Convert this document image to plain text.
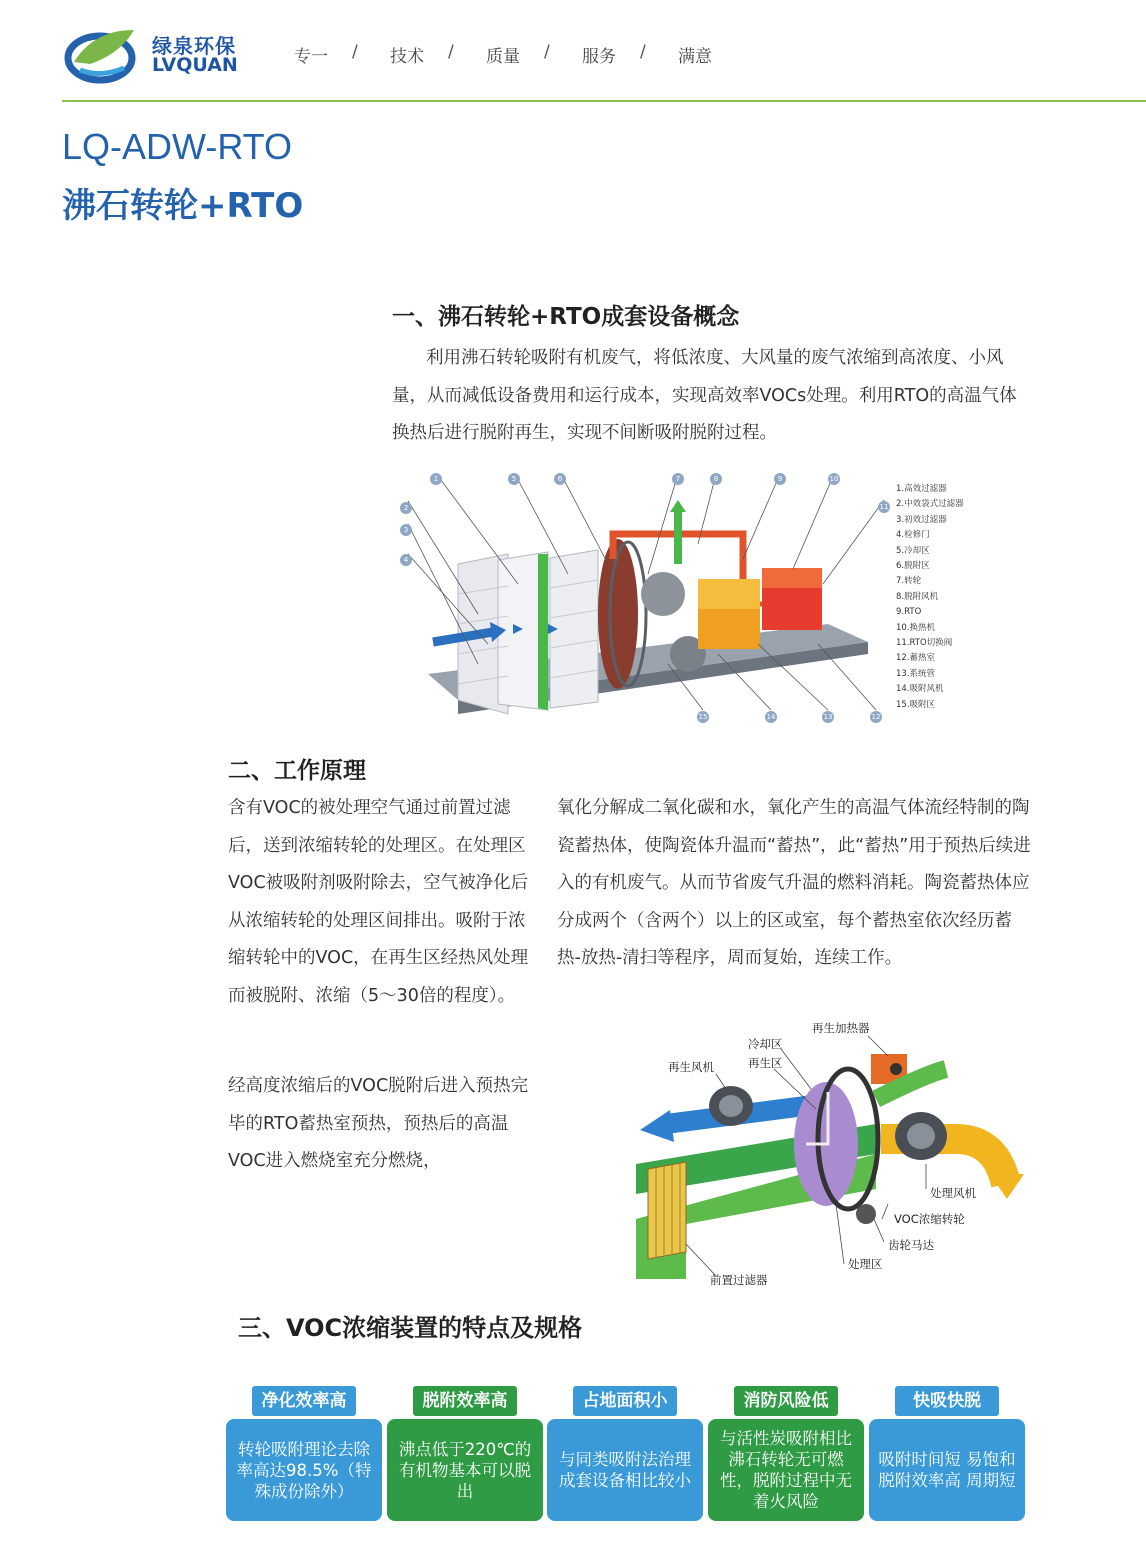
绿泉环保
LVQUAN	专一	/	技术	/	质量	/	服务	/	满意
LQ-ADW-RTO
沸石转轮+RTO
一、沸石转轮+RTO成套设备概念
利用沸石转轮吸附有机废气，将低浓度、大风量的废气浓缩到高浓度、小风量，从而减低设备费用和运行成本，实现高效率VOCs处理。利用RTO的高温气体换热后进行脱附再生，实现不间断吸附脱附过程。
1
2
3
4
5	6	7	8	9	10
11
12
13
14
15
1.高效过滤器
2.中效袋式过滤器
3.初效过滤器
4.检修门
5.冷却区
6.脱附区
7.转轮
8.脱附风机
9.RTO
10.换热机
11.RTO切换阀
12.蓄热室
13.系统管
14.吸附风机
15.吸附区
二、工作原理
含有VOC的被处理空气通过前置过滤后，送到浓缩转轮的处理区。在处理区VOC被吸附剂吸附除去，空气被净化后从浓缩转轮的处理区间排出。吸附于浓缩转轮中的VOC，在再生区经热风处理而被脱附、浓缩（5～30倍的程度）。
经高度浓缩后的VOC脱附后进入预热完毕的RTO蓄热室预热，预热后的高温VOC进入燃烧室充分燃烧，
氧化分解成二氧化碳和水，氧化产生的高温气体流经特制的陶瓷蓄热体，使陶瓷体升温而“蓄热”，此“蓄热”用于预热后续进入的有机废气。从而节省废气升温的燃料消耗。陶瓷蓄热体应分成两个（含两个）以上的区或室，每个蓄热室依次经历蓄热-放热-清扫等程序，周而复始，连续工作。
再生加热器
冷却区
再生区
再生风机
处理风机
VOC浓缩转轮
齿轮马达
处理区
前置过滤器
三、VOC浓缩装置的特点及规格
净化效率高
转轮吸附理论去除率高达98.5%（特殊成份除外）
脱附效率高
沸点低于220℃的有机物基本可以脱出
占地面积小
与同类吸附法治理成套设备相比较小
消防风险低
与活性炭吸附相比沸石转轮无可燃性，脱附过程中无着火风险
快吸快脱
吸附时间短 易饱和 脱附效率高 周期短
